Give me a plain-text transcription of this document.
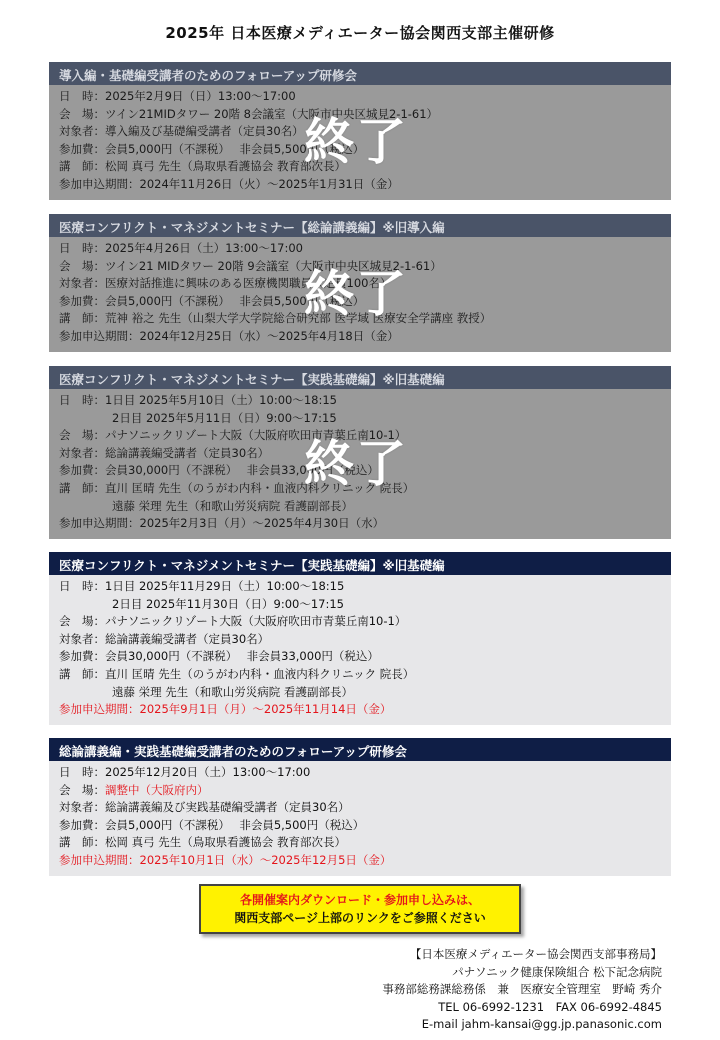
2025年 日本医療メディエーター協会関西支部主催研修
導入編・基礎編受講者のためのフォローアップ研修会
日　時：2025年2月9日（日）13:00～17:00
会　場：ツイン21MIDタワー 20階 8会議室（大阪市中央区城見2-1-61）
対象者：導入編及び基礎編受講者（定員30名）
参加費：会員5,000円（不課税）　 非会員5,500円（税込）
講　師：松岡 真弓 先生（鳥取県看護協会 教育部次長）
参加申込期間：2024年11月26日（火）～2025年1月31日（金）
終了
医療コンフリクト・マネジメントセミナー【総論講義編】※旧導入編
日　時：2025年4月26日（土）13:00～17:00
会　場：ツイン21 MIDタワー 20階 9会議室（大阪市中央区城見2-1-61）
対象者：医療対話推進に興味のある医療機関職員（定員100名）
参加費：会員5,000円（不課税）　 非会員5,500円（税込）
講　師：荒神 裕之 先生（山梨大学大学院総合研究部 医学域 医療安全学講座 教授）
参加申込期間：2024年12月25日（水）～2025年4月18日（金）
終了
医療コンフリクト・マネジメントセミナー【実践基礎編】※旧基礎編
日　時：1日目 2025年5月10日（土）10:00～18:15
2日目 2025年5月11日（日）9:00～17:15
会　場：パナソニックリゾート大阪（大阪府吹田市青葉丘南10-1）
対象者：総論講義編受講者（定員30名）
参加費：会員30,000円（不課税）　 非会員33,000円（税込）
講　師：直川 匡晴 先生（のうがわ内科・血液内科クリニック 院長）
遠藤 栄理 先生（和歌山労災病院 看護副部長）
参加申込期間：2025年2月3日（月）～2025年4月30日（水）
終了
医療コンフリクト・マネジメントセミナー【実践基礎編】※旧基礎編
日　時：1日目 2025年11月29日（土）10:00～18:15
2日目 2025年11月30日（日）9:00～17:15
会　場：パナソニックリゾート大阪（大阪府吹田市青葉丘南10-1）
対象者：総論講義編受講者（定員30名）
参加費：会員30,000円（不課税）　 非会員33,000円（税込）
講　師：直川 匡晴 先生（のうがわ内科・血液内科クリニック 院長）
遠藤 栄理 先生（和歌山労災病院 看護副部長）
参加申込期間：2025年9月1日（月）～2025年11月14日（金）
総論講義編・実践基礎編受講者のためのフォローアップ研修会
日　時：2025年12月20日（土）13:00～17:00
会　場：調整中（大阪府内）
対象者：総論講義編及び実践基礎編受講者（定員30名）
参加費：会員5,000円（不課税）　 非会員5,500円（税込）
講　師：松岡 真弓 先生（鳥取県看護協会 教育部次長）
参加申込期間：2025年10月1日（水）～2025年12月5日（金）
各開催案内ダウンロード・参加申し込みは、
関西支部ページ上部のリンクをご参照ください
【日本医療メディエーター協会関西支部事務局】
パナソニック健康保険組合 松下記念病院
事務部総務課総務係　兼　医療安全管理室　野崎 秀介
TEL 06-6992-1231　FAX 06-6992-4845
E-mail jahm-kansai@gg.jp.panasonic.com
